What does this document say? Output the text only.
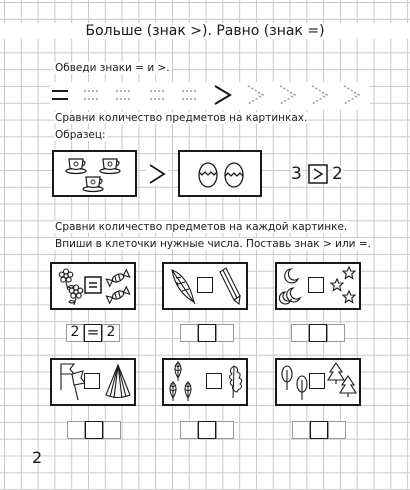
Больше (знак >). Равно (знак =)
Обведи знаки = и >.
Сравни количество предметов на картинках.
Образец:
3 2
Сравни количество предметов на каждой картинке.
Впиши в клеточки нужные числа. Поставь знак > или =.
2 = 2
2
